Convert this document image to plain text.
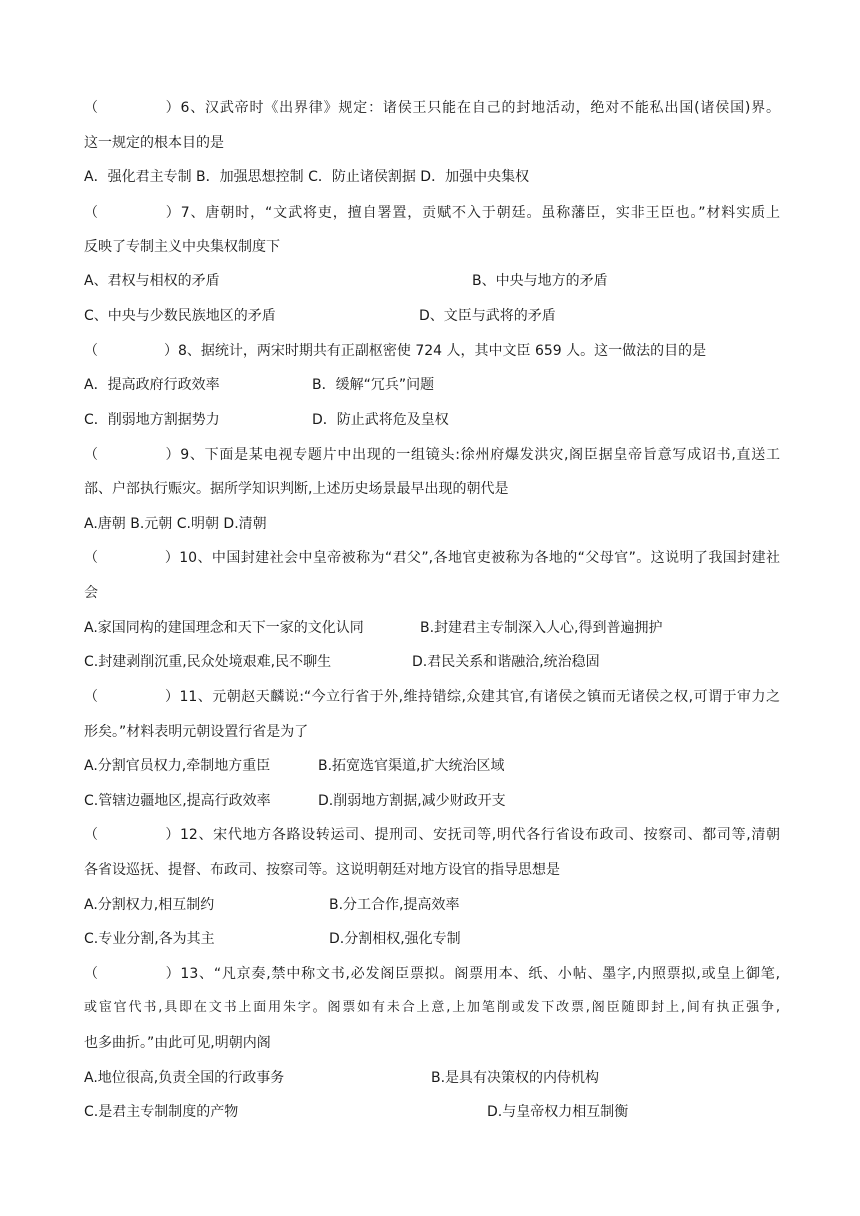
（	）6、汉武帝时《出界律》规定：诸侯王只能在自己的封地活动，绝对不能私出国(诸侯国)界。
这一规定的根本目的是
A．强化君主专制 B．加强思想控制 C．防止诸侯割据 D．加强中央集权
（	）7、唐朝时，“文武将吏，擅自署置，贡赋不入于朝廷。虽称藩臣，实非王臣也。”材料实质上
反映了专制主义中央集权制度下
A、君权与相权的矛盾	B、中央与地方的矛盾
C、中央与少数民族地区的矛盾	D、文臣与武将的矛盾
（	）8、据统计，两宋时期共有正副枢密使 724 人，其中文臣 659 人。这一做法的目的是
A．提高政府行政效率	B．缓解“冗兵”问题
C．削弱地方割据势力	D．防止武将危及皇权
（	）9、下面是某电视专题片中出现的一组镜头:徐州府爆发洪灾,阁臣据皇帝旨意写成诏书,直送工
部、户部执行赈灾。据所学知识判断,上述历史场景最早出现的朝代是
A.唐朝 B.元朝 C.明朝 D.清朝
（	）10、中国封建社会中皇帝被称为“君父”,各地官吏被称为各地的“父母官”。这说明了我国封建社
会
A.家国同构的建国理念和天下一家的文化认同	B.封建君主专制深入人心,得到普遍拥护
C.封建剥削沉重,民众处境艰难,民不聊生	D.君民关系和谐融洽,统治稳固
（	）11、元朝赵天麟说:“今立行省于外,维持错综,众建其官,有诸侯之镇而无诸侯之权,可谓于审力之
形矣。”材料表明元朝设置行省是为了
A.分割官员权力,牵制地方重臣	B.拓宽选官渠道,扩大统治区域
C.管辖边疆地区,提高行政效率	D.削弱地方割据,减少财政开支
（	）12、宋代地方各路设转运司、提刑司、安抚司等,明代各行省设布政司、按察司、都司等,清朝
各省设巡抚、提督、布政司、按察司等。这说明朝廷对地方设官的指导思想是
A.分割权力,相互制约	B.分工合作,提高效率
C.专业分割,各为其主	D.分割相权,强化专制
（	）13、“凡京奏,禁中称文书,必发阁臣票拟。阁票用本、纸、小帖、墨字,内照票拟,或皇上御笔,
或宦官代书,具即在文书上面用朱字。阁票如有未合上意,上加笔削或发下改票,阁臣随即封上,间有执正强争,
也多曲折。”由此可见,明朝内阁
A.地位很高,负责全国的行政事务	B.是具有决策权的内侍机构
C.是君主专制制度的产物	D.与皇帝权力相互制衡
